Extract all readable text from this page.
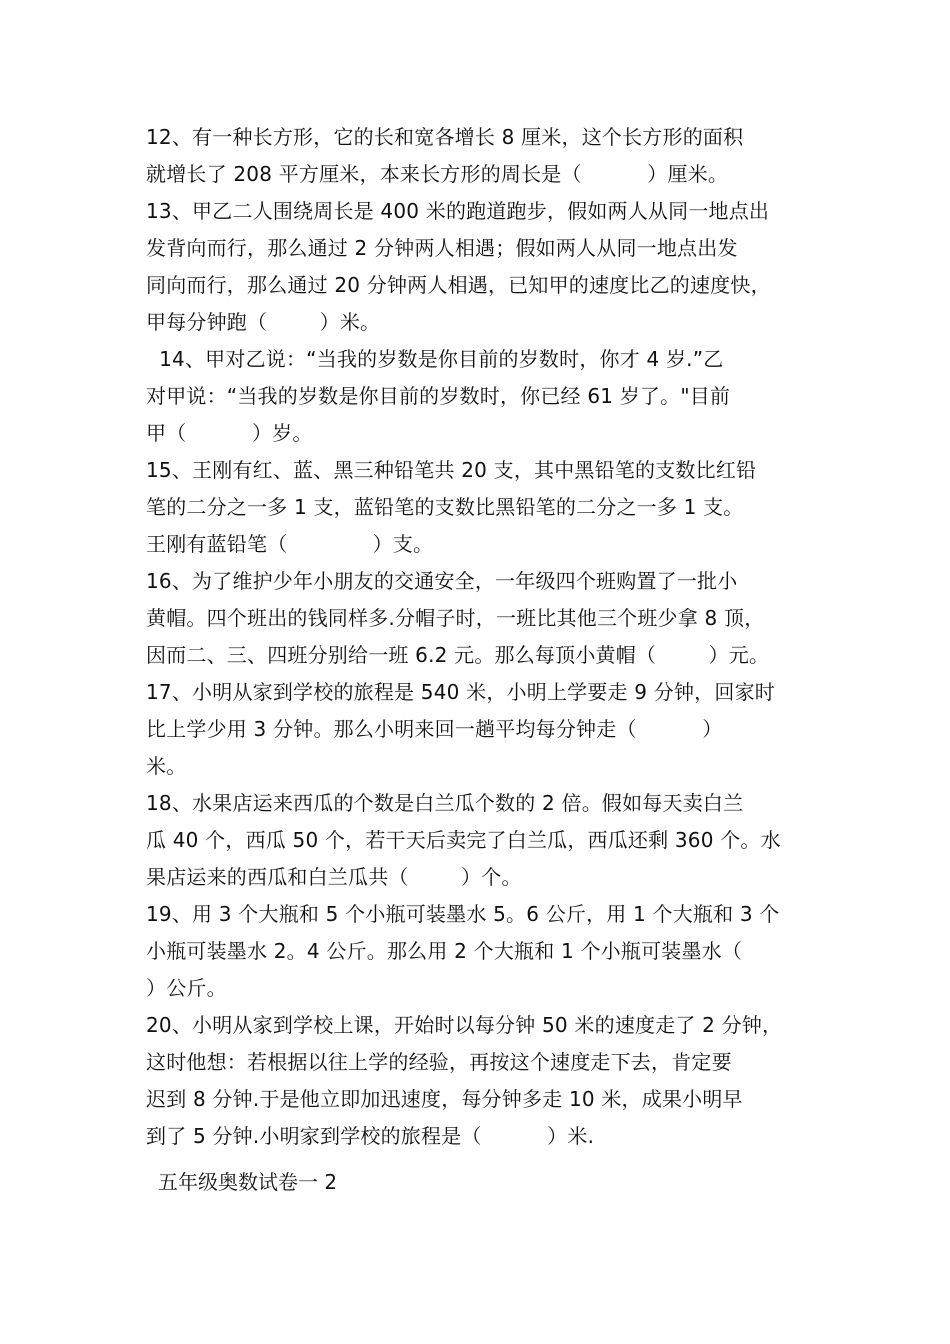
12、有一种长方形，它的长和宽各增长 8 厘米，这个长方形的面积
就增长了 208 平方厘米，本来长方形的周长是（          ）厘米。
13、甲乙二人围绕周长是 400 米的跑道跑步，假如两人从同一地点出
发背向而行，那么通过 2 分钟两人相遇；假如两人从同一地点出发
同向而行，那么通过 20 分钟两人相遇，已知甲的速度比乙的速度快，
甲每分钟跑（        ）米。
14、甲对乙说：“当我的岁数是你目前的岁数时，你才 4 岁.”乙
对甲说：“当我的岁数是你目前的岁数时，你已经 61 岁了。"目前
甲（          ）岁。
15、王刚有红、蓝、黑三种铅笔共 20 支，其中黑铅笔的支数比红铅
笔的二分之一多 1 支，蓝铅笔的支数比黑铅笔的二分之一多 1 支。
王刚有蓝铅笔（             ）支。
16、为了维护少年小朋友的交通安全，一年级四个班购置了一批小
黄帽。四个班出的钱同样多.分帽子时，一班比其他三个班少拿 8 顶，
因而二、三、四班分别给一班 6.2 元。那么每顶小黄帽（        ）元。
17、小明从家到学校的旅程是 540 米，小明上学要走 9 分钟，回家时
比上学少用 3 分钟。那么小明来回一趟平均每分钟走（          ）
米。
18、水果店运来西瓜的个数是白兰瓜个数的 2 倍。假如每天卖白兰
瓜 40 个，西瓜 50 个，若干天后卖完了白兰瓜，西瓜还剩 360 个。水
果店运来的西瓜和白兰瓜共（        ）个。
19、用 3 个大瓶和 5 个小瓶可装墨水 5。6 公斤，用 1 个大瓶和 3 个
小瓶可装墨水 2。4 公斤。那么用 2 个大瓶和 1 个小瓶可装墨水（
）公斤。
20、小明从家到学校上课，开始时以每分钟 50 米的速度走了 2 分钟，
这时他想：若根据以往上学的经验，再按这个速度走下去，肯定要
迟到 8 分钟.于是他立即加迅速度，每分钟多走 10 米，成果小明早
到了 5 分钟.小明家到学校的旅程是（          ）米.
五年级奥数试卷一 2
